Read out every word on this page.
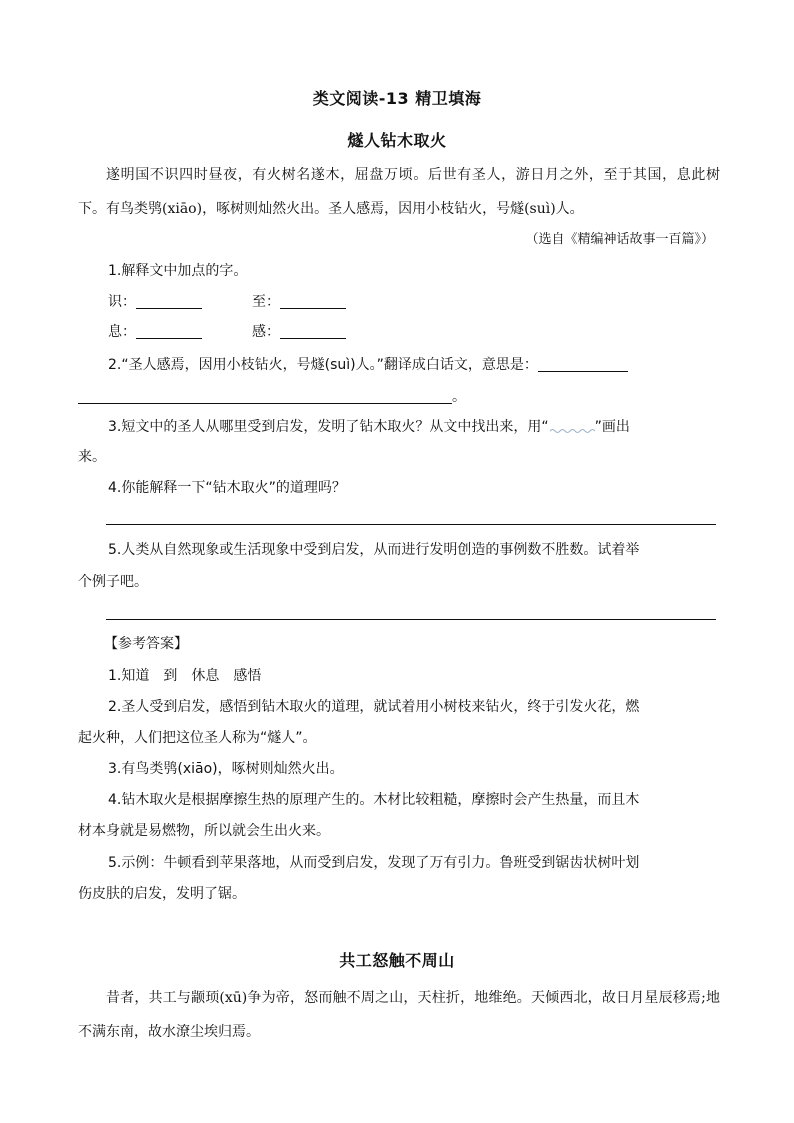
类文阅读-13 精卫填海
燧人钻木取火

遂明国不识四时昼夜，有火树名遂木，屈盘万顷。后世有圣人，游日月之外，至于其国，息此树下。有鸟类鸮(xiāo)，啄树则灿然火出。圣人感焉，因用小枝钻火，号燧(suì)人。

（选自《精编神话故事一百篇》）
1.解释文中加点的字。
识：	至：
息：	感：
2.“圣人感焉，因用小枝钻火，号燧(suì)人。”翻译成白话文，意思是：
。
3.短文中的圣人从哪里受到启发，发明了钻木取火？从文中找出来，用“	”画出
来。
4.你能解释一下“钻木取火”的道理吗？
5.人类从自然现象或生活现象中受到启发，从而进行发明创造的事例数不胜数。试着举
个例子吧。
【参考答案】
1.知道　到　休息　感悟
2.圣人受到启发，感悟到钻木取火的道理，就试着用小树枝来钻火，终于引发火花，燃
起火种，人们把这位圣人称为“燧人”。
3.有鸟类鸮(xiāo)，啄树则灿然火出。
4.钻木取火是根据摩擦生热的原理产生的。木材比较粗糙，摩擦时会产生热量，而且木
材本身就是易燃物，所以就会生出火来。
5.示例：牛顿看到苹果落地，从而受到启发，发现了万有引力。鲁班受到锯齿状树叶划
伤皮肤的启发，发明了锯。
共工怒触不周山

昔者，共工与颛顼(xū)争为帝，怒而触不周之山，天柱折，地维绝。天倾西北，故日月星辰移焉;地不满东南，故水潦尘埃归焉。
